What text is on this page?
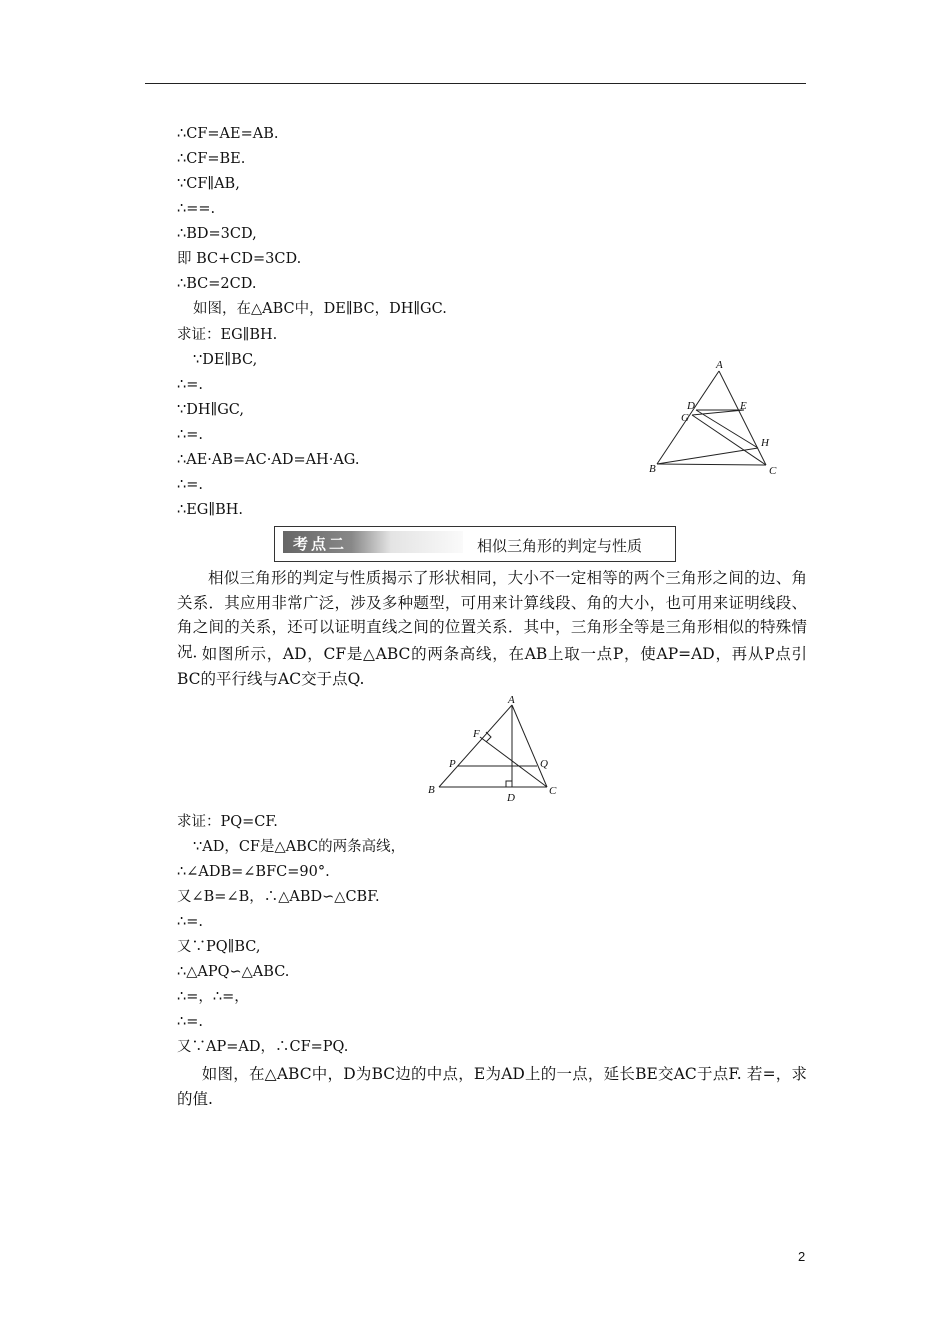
∴CF=AE=AB.
∴CF=BE.
∵CF∥AB,
∴==.
∴BD=3CD,
即 BC+CD=3CD.
∴BC=2CD.
如图，在△ABC中，DE∥BC，DH∥GC.
求证：EG∥BH.
∵DE∥BC,
∴=.
∵DH∥GC,
∴=.
∴AE·AB=AC·AD=AH·AG.
∴=.
∴EG∥BH.
A
D	E
G
H
B	C
考点二	相似三角形的判定与性质
相似三角形的判定与性质揭示了形状相同，大小不一定相等的两个三角形之间的边、角关系．其应用非常广泛，涉及多种题型，可用来计算线段、角的大小，也可用来证明线段、角之间的关系，还可以证明直线之间的位置关系．其中，三角形全等是三角形相似的特殊情况．
如图所示，AD，CF是△ABC的两条高线，在AB上取一点P，使AP=AD，再从P点引BC的平行线与AC交于点Q.
A
F
P	Q
B
D
C
求证：PQ=CF.
∵AD，CF是△ABC的两条高线，
∴∠ADB=∠BFC=90°.
又∠B=∠B，∴△ABD∽△CBF.
∴=.
又∵PQ∥BC,
∴△APQ∽△ABC.
∴=，∴=，
∴=.
又∵AP=AD，∴CF=PQ.
如图，在△ABC中，D为BC边的中点，E为AD上的一点，延长BE交AC于点F. 若=，求的值.
2
